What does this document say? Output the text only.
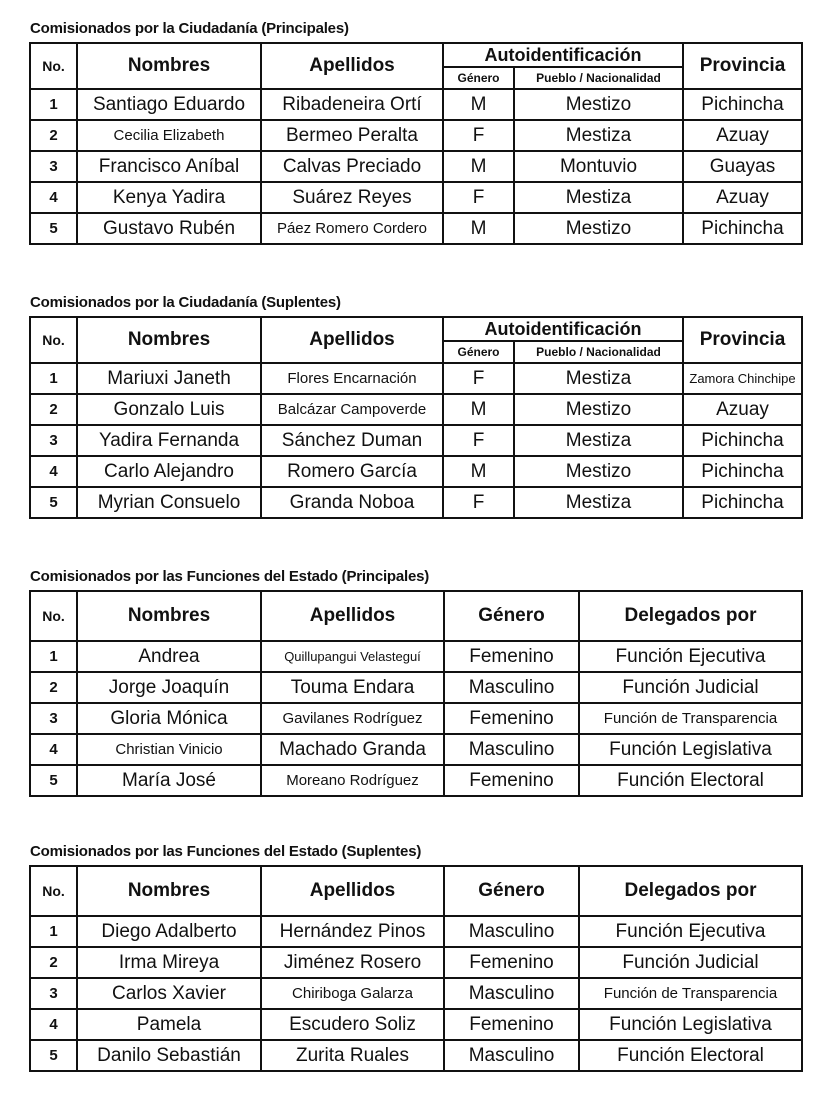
Comisionados por la Ciudadanía (Principales)
No.	Nombres	Apellidos	Autoidentificación		Provincia
			Género	Pueblo / Nacionalidad	
1	Santiago Eduardo	Ribadeneira Ortí	M	Mestizo	Pichincha
2	Cecilia Elizabeth	Bermeo Peralta	F	Mestiza	Azuay
3	Francisco Aníbal	Calvas Preciado	M	Montuvio	Guayas
4	Kenya Yadira	Suárez Reyes	F	Mestiza	Azuay
5	Gustavo Rubén	Páez Romero Cordero	M	Mestizo	Pichincha
Comisionados por la Ciudadanía (Suplentes)
No.	Nombres	Apellidos	Autoidentificación		Provincia
			Género	Pueblo / Nacionalidad	
1	Mariuxi Janeth	Flores Encarnación	F	Mestiza	Zamora Chinchipe
2	Gonzalo Luis	Balcázar Campoverde	M	Mestizo	Azuay
3	Yadira Fernanda	Sánchez Duman	F	Mestiza	Pichincha
4	Carlo Alejandro	Romero García	M	Mestizo	Pichincha
5	Myrian Consuelo	Granda Noboa	F	Mestiza	Pichincha
Comisionados por las Funciones del Estado (Principales)
No.	Nombres	Apellidos	Género	Delegados por
1	Andrea	Quillupangui Velasteguí	Femenino	Función Ejecutiva
2	Jorge Joaquín	Touma Endara	Masculino	Función Judicial
3	Gloria Mónica	Gavilanes Rodríguez	Femenino	Función de Transparencia
4	Christian Vinicio	Machado Granda	Masculino	Función Legislativa
5	María José	Moreano Rodríguez	Femenino	Función Electoral
Comisionados por las Funciones del Estado (Suplentes)
No.	Nombres	Apellidos	Género	Delegados por
1	Diego Adalberto	Hernández Pinos	Masculino	Función Ejecutiva
2	Irma Mireya	Jiménez Rosero	Femenino	Función Judicial
3	Carlos Xavier	Chiriboga Galarza	Masculino	Función de Transparencia
4	Pamela	Escudero Soliz	Femenino	Función Legislativa
5	Danilo Sebastián	Zurita Ruales	Masculino	Función Electoral
